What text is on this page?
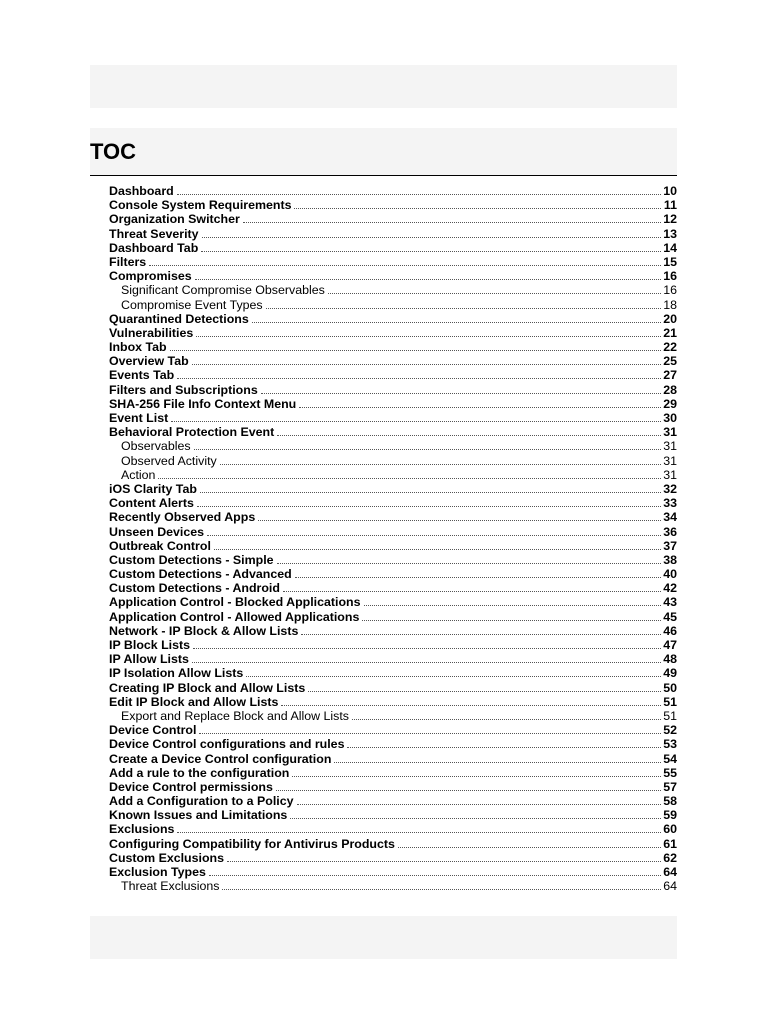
TOC
Dashboard	10
Console System Requirements	11
Organization Switcher	12
Threat Severity	13
Dashboard Tab	14
Filters	15
Compromises	16
Significant Compromise Observables	16
Compromise Event Types	18
Quarantined Detections	20
Vulnerabilities	21
Inbox Tab	22
Overview Tab	25
Events Tab	27
Filters and Subscriptions	28
SHA-256 File Info Context Menu	29
Event List	30
Behavioral Protection Event	31
Observables	31
Observed Activity	31
Action	31
iOS Clarity Tab	32
Content Alerts	33
Recently Observed Apps	34
Unseen Devices	36
Outbreak Control	37
Custom Detections - Simple	38
Custom Detections - Advanced	40
Custom Detections - Android	42
Application Control - Blocked Applications	43
Application Control - Allowed Applications	45
Network - IP Block & Allow Lists	46
IP Block Lists	47
IP Allow Lists	48
IP Isolation Allow Lists	49
Creating IP Block and Allow Lists	50
Edit IP Block and Allow Lists	51
Export and Replace Block and Allow Lists	51
Device Control	52
Device Control configurations and rules	53
Create a Device Control configuration	54
Add a rule to the configuration	55
Device Control permissions	57
Add a Configuration to a Policy	58
Known Issues and Limitations	59
Exclusions	60
Configuring Compatibility for Antivirus Products	61
Custom Exclusions	62
Exclusion Types	64
Threat Exclusions	64
